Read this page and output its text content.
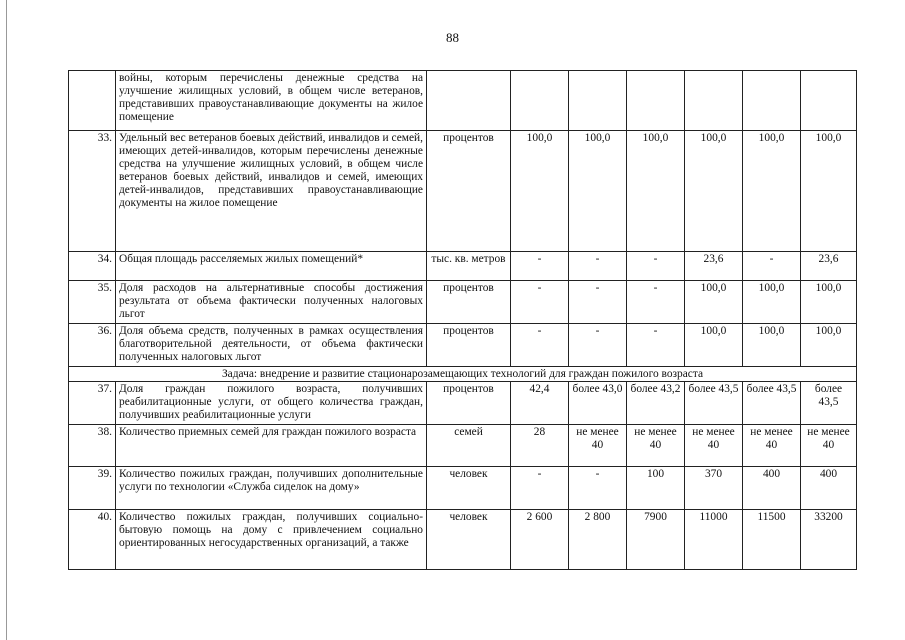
88
	войны, которым перечислены денежные средства на улучшение жилищных условий, в общем числе ветеранов, представивших правоустанавливающие документы на жилое помещение							
33.	Удельный вес ветеранов боевых действий, инвалидов и семей, имеющих детей-инвалидов, которым перечислены денежные средства на улучшение жилищных условий, в общем числе ветеранов боевых действий, инвалидов и семей, имеющих детей-инвалидов, представивших правоустанавливающие документы на жилое помещение	процентов	100,0	100,0	100,0	100,0	100,0	100,0
34.	Общая площадь расселяемых жилых помещений*	тыс. кв. метров	-	-	-	23,6	-	23,6
35.	Доля расходов на альтернативные способы достижения результата от объема фактически полученных налоговых льгот	процентов	-	-	-	100,0	100,0	100,0
36.	Доля объема средств, полученных в рамках осуществления благотворительной деятельности, от объема фактически полученных налоговых льгот	процентов	-	-	-	100,0	100,0	100,0
Задача: внедрение и развитие стационарозамещающих технологий для граждан пожилого возраста								
37.	Доля граждан пожилого возраста, получивших реабилитационные услуги, от общего количества граждан, получивших реабилитационные услуги	процентов	42,4	более 43,0	более 43,2	более 43,5	более 43,5	более 43,5
38.	Количество приемных семей для граждан пожилого возраста	семей	28	не менее 40	не менее 40	не менее 40	не менее 40	не менее 40
39.	Количество пожилых граждан, получивших дополнительные услуги по технологии «Служба сиделок на дому»	человек	-	-	100	370	400	400
40.	Количество пожилых граждан, получивших социально-бытовую помощь на дому с привлечением социально ориентированных негосударственных организаций, а также	человек	2 600	2 800	7900	11000	11500	33200
